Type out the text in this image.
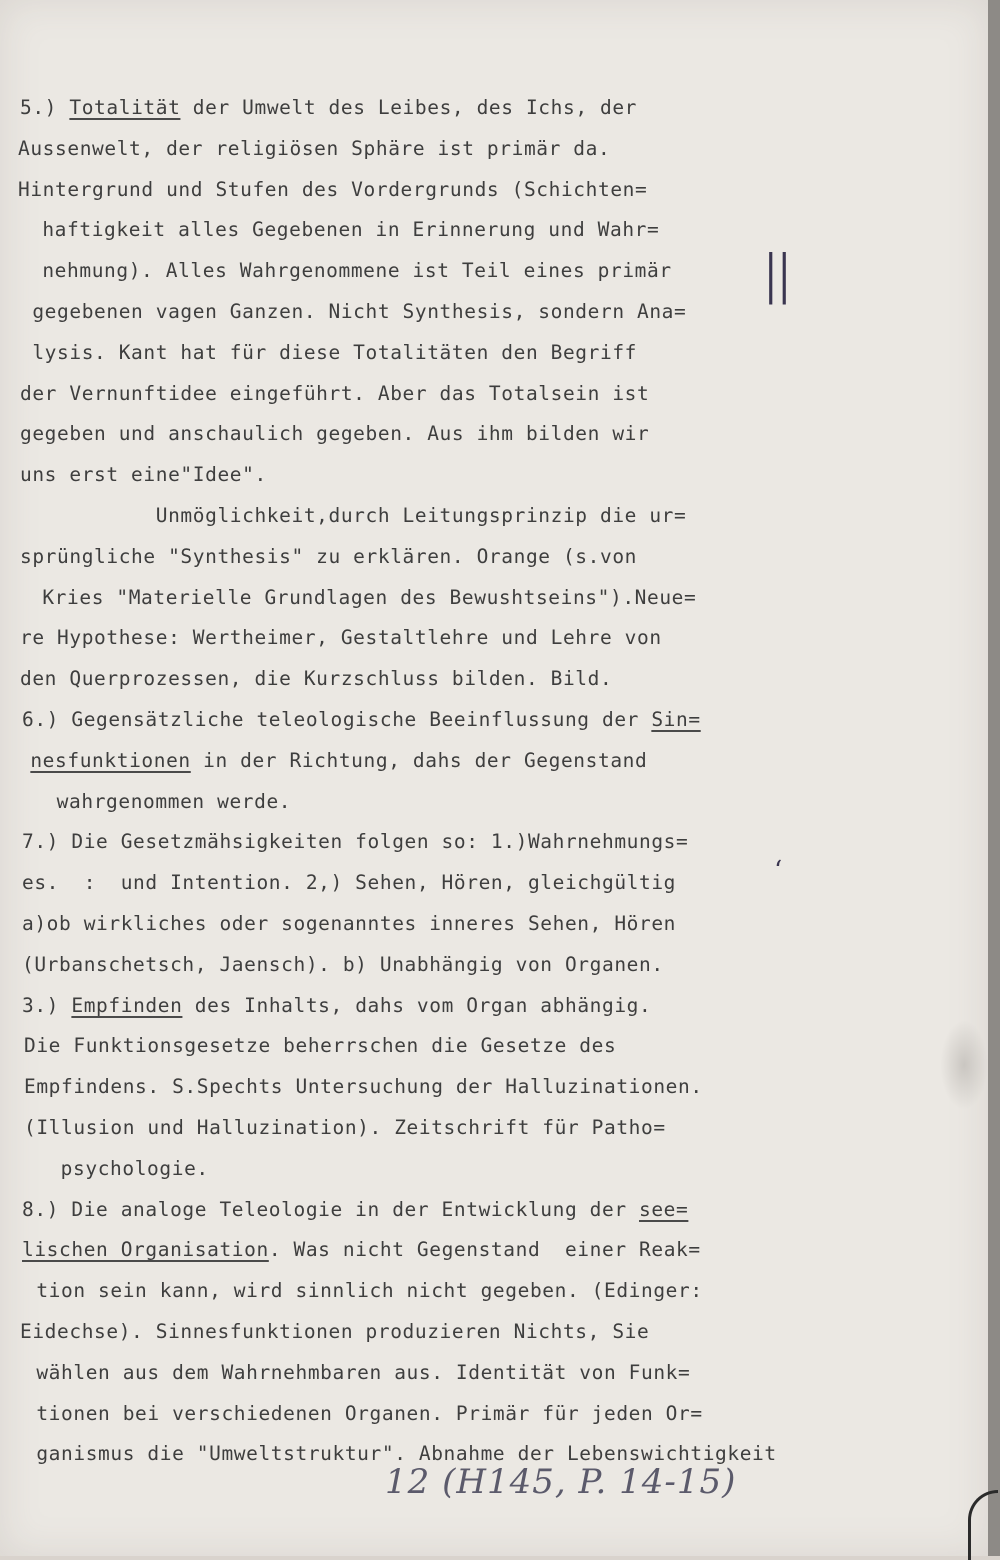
5.) Totalität der Umwelt des Leibes, des Ichs, der
Aussenwelt, der religiösen Sphäre ist primär da.
Hintergrund und Stufen des Vordergrunds (Schichten=
haftigkeit alles Gegebenen in Erinnerung und Wahr=
nehmung). Alles Wahrgenommene ist Teil eines primär
gegebenen vagen Ganzen. Nicht Synthesis, sondern Ana=
lysis. Kant hat für diese Totalitäten den Begriff
der Vernunftidee eingeführt. Aber das Totalsein ist
gegeben und anschaulich gegeben. Aus ihm bilden wir
uns erst eine"Idee".
Unmöglichkeit,durch Leitungsprinzip die ur=
sprüngliche "Synthesis" zu erklären. Orange (s.von
Kries "Materielle Grundlagen des Bewushtseins").Neue=
re Hypothese: Wertheimer, Gestaltlehre und Lehre von
den Querprozessen, die Kurzschluss bilden. Bild.
6.) Gegensätzliche teleologische Beeinflussung der Sin=
nesfunktionen in der Richtung, dahs der Gegenstand
wahrgenommen werde.
7.) Die Gesetzmähsigkeiten folgen so: 1.)Wahrnehmungs=
es.  :  und Intention. 2,) Sehen, Hören, gleichgültig
a)ob wirkliches oder sogenanntes inneres Sehen, Hören
(Urbanschetsch, Jaensch). b) Unabhängig von Organen.
3.) Empfinden des Inhalts, dahs vom Organ abhängig.
Die Funktionsgesetze beherrschen die Gesetze des
Empfindens. S.Spechts Untersuchung der Halluzinationen.
(Illusion und Halluzination). Zeitschrift für Patho=
psychologie.
8.) Die analoge Teleologie in der Entwicklung der see=
lischen Organisation. Was nicht Gegenstand  einer Reak=
tion sein kann, wird sinnlich nicht gegeben. (Edinger:
Eidechse). Sinnesfunktionen produzieren Nichts, Sie
wählen aus dem Wahrnehmbaren aus. Identität von Funk=
tionen bei verschiedenen Organen. Primär für jeden Or=
ganismus die "Umweltstruktur". Abnahme der Lebenswichtigkeit
||
‘
12 (H145, P. 14-15)
